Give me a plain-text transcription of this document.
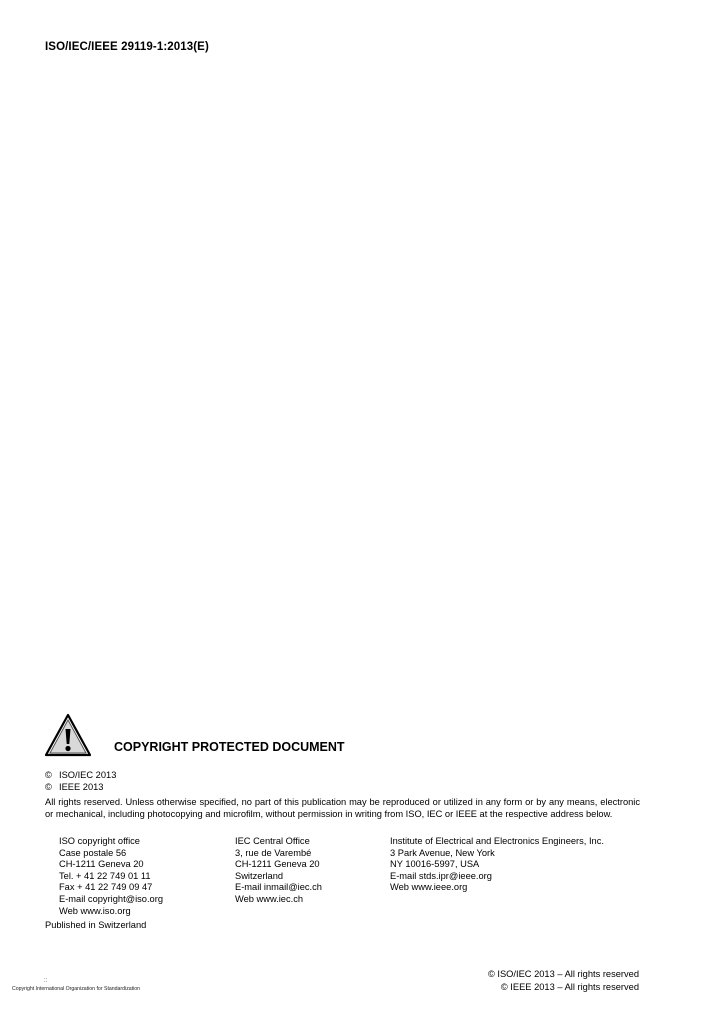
ISO/IEC/IEEE 29119-1:2013(E)
COPYRIGHT PROTECTED DOCUMENT
© ISO/IEC 2013
© IEEE 2013
All rights reserved. Unless otherwise specified, no part of this publication may be reproduced or utilized in any form or by any means, electronic or mechanical, including photocopying and microfilm, without permission in writing from ISO, IEC or IEEE at the respective address below.
ISO copyright office
Case postale 56
CH-1211 Geneva 20
Tel. + 41 22 749 01 11
Fax + 41 22 749 09 47
E-mail copyright@iso.org
Web www.iso.org
IEC Central Office
3, rue de Varembé
CH-1211 Geneva 20
Switzerland
E-mail inmail@iec.ch
Web www.iec.ch
Institute of Electrical and Electronics Engineers, Inc.
3 Park Avenue, New York
NY 10016-5997, USA
E-mail stds.ipr@ieee.org
Web www.ieee.org
Published in Switzerland
::
Copyright International Organization for Standardization
© ISO/IEC 2013 – All rights reserved
© IEEE 2013 – All rights reserved
